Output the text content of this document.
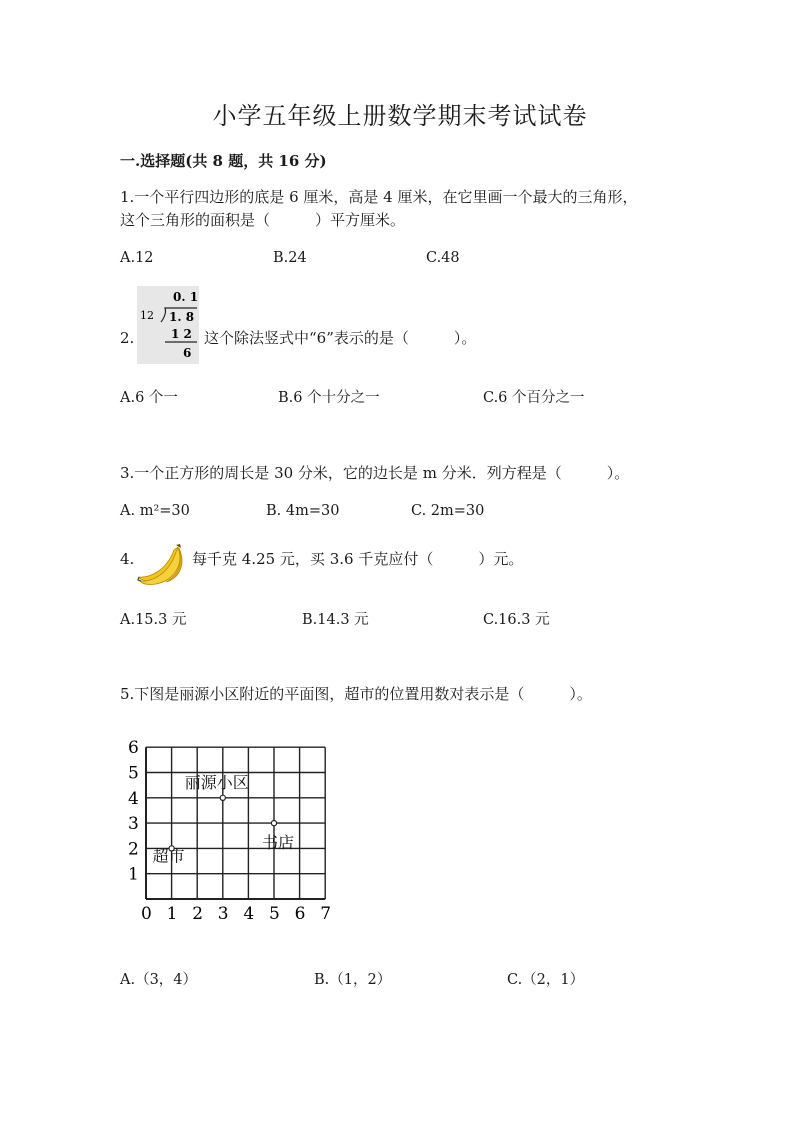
小学五年级上册数学期末考试试卷
一.选择题(共 8 题，共 16 分)
1.一个平行四边形的底是 6 厘米，高是 4 厘米，在它里画一个最大的三角形，
这个三角形的面积是（　　　）平方厘米。
A.12	B.24	C.48
2.
0. 1
12 1. 8
1 2
6
这个除法竖式中“6”表示的是（　　　）。
A.6 个一	B.6 个十分之一	C.6 个百分之一
3.一个正方形的周长是 30 分米，它的边长是 m 分米．列方程是（　　　）。
A. m²=30	B. 4m=30	C. 2m=30
4.	每千克 4.25 元，买 3.6 千克应付（　　　）元。
A.15.3 元	B.14.3 元	C.16.3 元
5.下图是丽源小区附近的平面图，超市的位置用数对表示是（　　　）。
0 1 2 3 4 5 6 7
6
5
4
3
2
1
丽源小区
书店
超市
A.（3，4）	B.（1，2）	C.（2，1）
